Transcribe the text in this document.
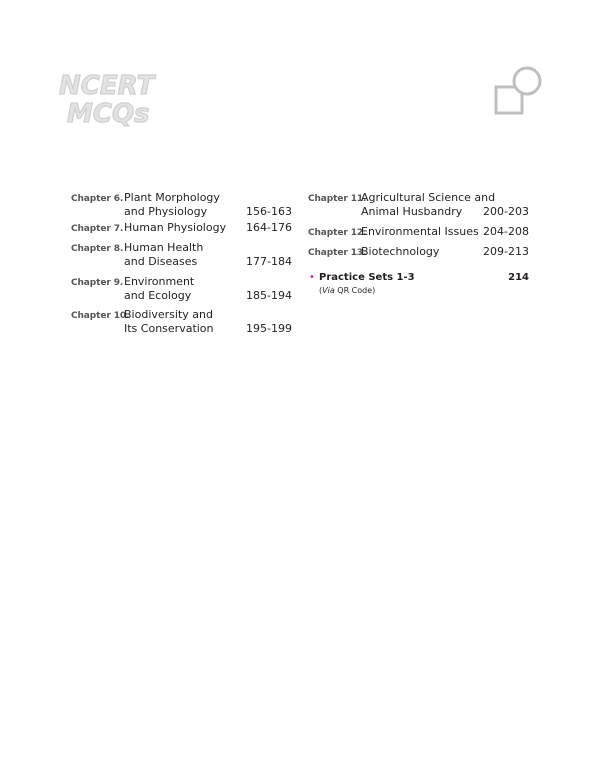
NCERT
MCQs
Chapter 6. Plant Morphology
and Physiology	156-163
Chapter 7. Human Physiology 164-176
Chapter 8. Human Health
and Diseases	177-184
Chapter 9. Environment
and Ecology	185-194
Chapter 10.
Biodiversity and
Its Conservation	195-199
Chapter 11.
Agricultural Science and
Animal Husbandry 200-203
Chapter 12.
Environmental Issues 204-208
Chapter 13.
Biotechnology	209-213
• Practice Sets 1-3	214
(Via QR Code)
